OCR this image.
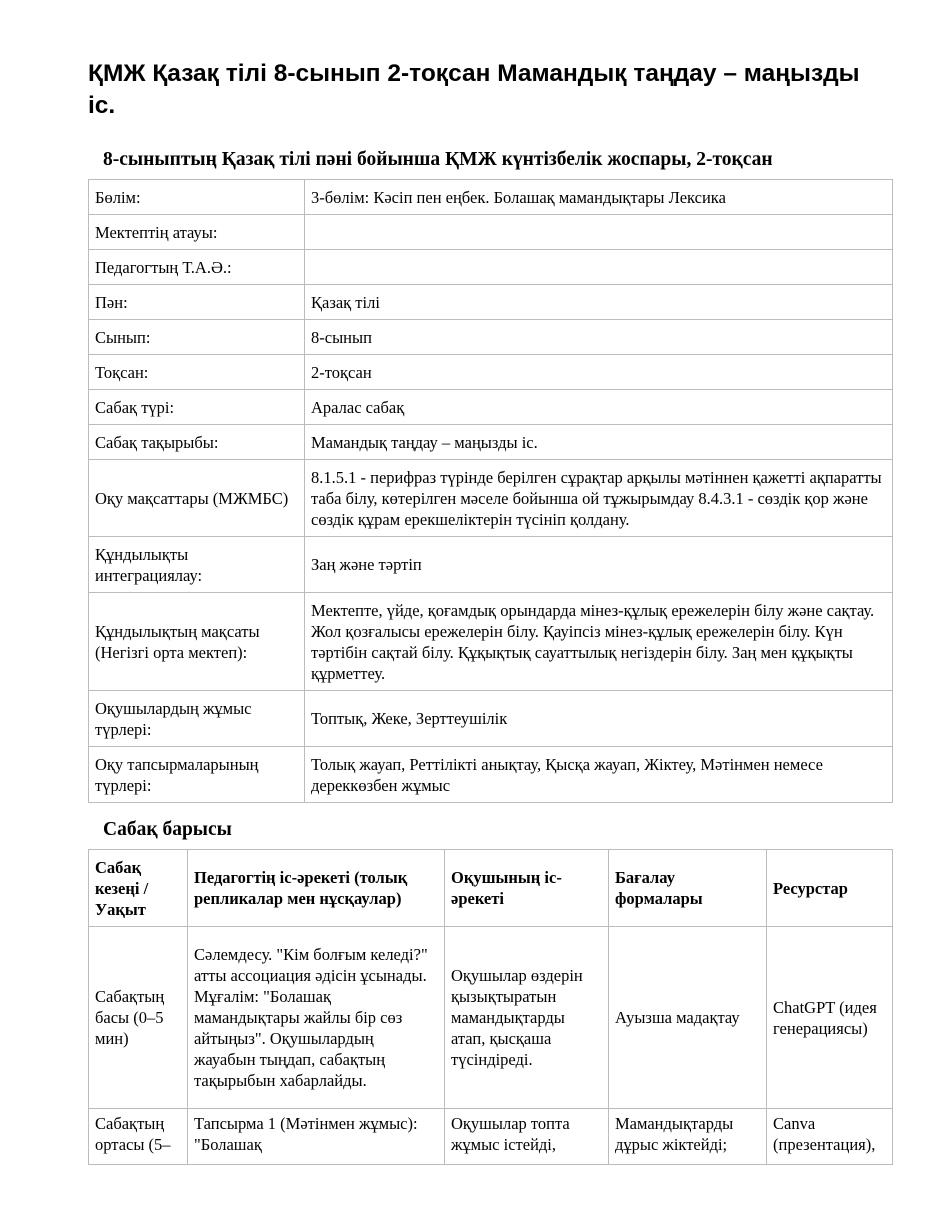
ҚМЖ Қазақ тілі 8-сынып 2-тоқсан Мамандық таңдау – маңызды іс.
8-сыныптың Қазақ тілі пәні бойынша ҚМЖ күнтізбелік жоспары, 2-тоқсан
Бөлім:	3-бөлім: Кәсіп пен еңбек. Болашақ мамандықтары Лексика
Мектептің атауы:	
Педагогтың Т.А.Ә.:	
Пән:	Қазақ тілі
Сынып:	8-сынып
Тоқсан:	2-тоқсан
Сабақ түрі:	Аралас сабақ
Сабақ тақырыбы:	Мамандық таңдау – маңызды іс.
Оқу мақсаттары (МЖМБС)	8.1.5.1 - перифраз түрінде берілген сұрақтар арқылы мәтіннен қажетті ақпаратты таба білу, көтерілген мәселе бойынша ой тұжырымдау 8.4.3.1 - сөздік қор және сөздік құрам ерекшеліктерін түсініп қолдану.
Құндылықты интеграциялау:	Заң және тәртіп
Құндылықтың мақсаты (Негізгі орта мектеп):	Мектепте, үйде, қоғамдық орындарда мінез-құлық ережелерін білу және сақтау. Жол қозғалысы ережелерін білу. Қауіпсіз мінез-құлық ережелерін білу. Күн тәртібін сақтай білу. Құқықтық сауаттылық негіздерін білу. Заң мен құқықты құрметтеу.
Оқушылардың жұмыс түрлері:	Топтық, Жеке, Зерттеушілік
Оқу тапсырмаларының түрлері:	Толық жауап, Реттілікті анықтау, Қысқа жауап, Жіктеу, Мәтінмен немесе дереккөзбен жұмыс
Сабақ барысы
Сабақ кезеңі / Уақыт	Педагогтің іс-әрекеті (толық репликалар мен нұсқаулар)	Оқушының іс-әрекеті	Бағалау формалары	Ресурстар
Сабақтың басы (0–5 мин)	Сәлемдесу. "Кім болғым келеді?" атты ассоциация әдісін ұсынады. Мұғалім: "Болашақ мамандықтары жайлы бір сөз айтыңыз". Оқушылардың жауабын тыңдап, сабақтың тақырыбын хабарлайды.	Оқушылар өздерін қызықтыратын мамандықтарды атап, қысқаша түсіндіреді.	Ауызша мадақтау	ChatGPT (идея генерациясы)
Сабақтың ортасы (5–	Тапсырма 1 (Мәтінмен жұмыс): "Болашақ	Оқушылар топта жұмыс істейді,	Мамандықтарды дұрыс жіктейді;	Canva (презентация),
